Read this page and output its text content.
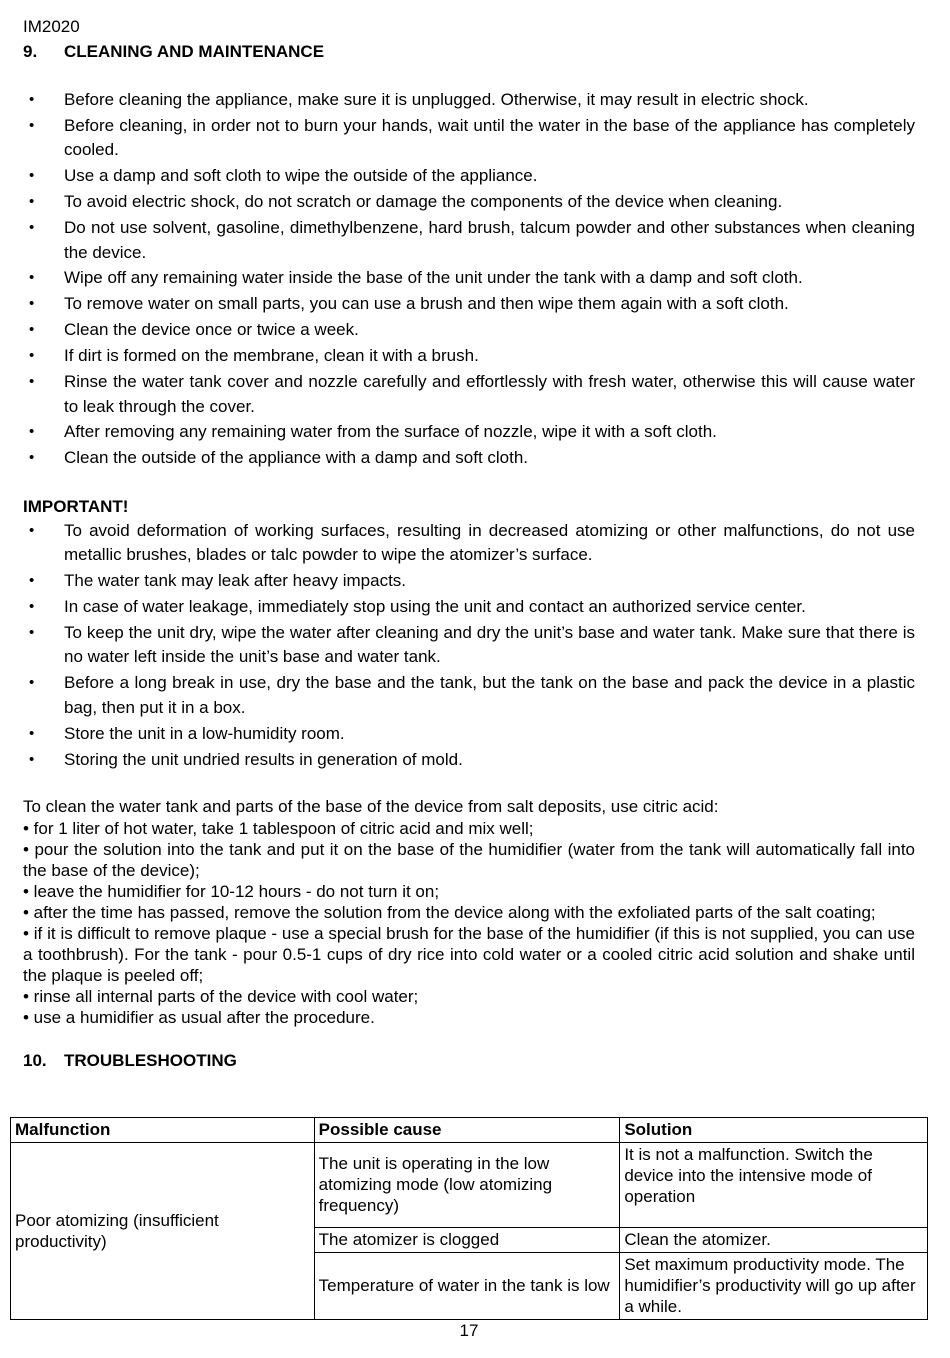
IM2020

9.	CLEANING AND MAINTENANCE
• Before cleaning the appliance, make sure it is unplugged. Otherwise, it may result in electric shock.
• Before cleaning, in order not to burn your hands, wait until the water in the base of the appliance has completely cooled.
• Use a damp and soft cloth to wipe the outside of the appliance.
• To avoid electric shock, do not scratch or damage the components of the device when cleaning.
• Do not use solvent, gasoline, dimethylbenzene, hard brush, talcum powder and other substances when cleaning the device.
• Wipe off any remaining water inside the base of the unit under the tank with a damp and soft cloth.
• To remove water on small parts, you can use a brush and then wipe them again with a soft cloth.
• Clean the device once or twice a week.
• If dirt is formed on the membrane, clean it with a brush.
• Rinse the water tank cover and nozzle carefully and effortlessly with fresh water, otherwise this will cause water to leak through the cover.
• After removing any remaining water from the surface of nozzle, wipe it with a soft cloth.
• Clean the outside of the appliance with a damp and soft cloth.

IMPORTANT!

• To avoid deformation of working surfaces, resulting in decreased atomizing or other malfunctions, do not use metallic brushes, blades or talc powder to wipe the atomizer’s surface.
• The water tank may leak after heavy impacts.
• In case of water leakage, immediately stop using the unit and contact an authorized service center.
• To keep the unit dry, wipe the water after cleaning and dry the unit’s base and water tank. Make sure that there is no water left inside the unit’s base and water tank.
• Before a long break in use, dry the base and the tank, but the tank on the base and pack the device in a plastic bag, then put it in a box.
• Store the unit in a low-humidity room.
• Storing the unit undried results in generation of mold.

To clean the water tank and parts of the base of the device from salt deposits, use citric acid:

• for 1 liter of hot water, take 1 tablespoon of citric acid and mix well;

• pour the solution into the tank and put it on the base of the humidifier (water from the tank will automatically fall into the base of the device);

• leave the humidifier for 10-12 hours - do not turn it on;

• after the time has passed, remove the solution from the device along with the exfoliated parts of the salt coating;

• if it is difficult to remove plaque - use a special brush for the base of the humidifier (if this is not supplied, you can use a toothbrush). For the tank - pour 0.5-1 cups of dry rice into cold water or a cooled citric acid solution and shake until the plaque is peeled off;

• rinse all internal parts of the device with cool water;

• use a humidifier as usual after the procedure.

10.	TROUBLESHOOTING
Malfunction	Possible cause	Solution
Poor atomizing (insufficient productivity)	The unit is operating in the low atomizing mode (low atomizing frequency)	It is not a malfunction. Switch the device into the intensive mode of operation
	The atomizer is clogged	Clean the atomizer.
	Temperature of water in the tank is low	Set maximum productivity mode. The humidifier’s productivity will go up after a while.
17
